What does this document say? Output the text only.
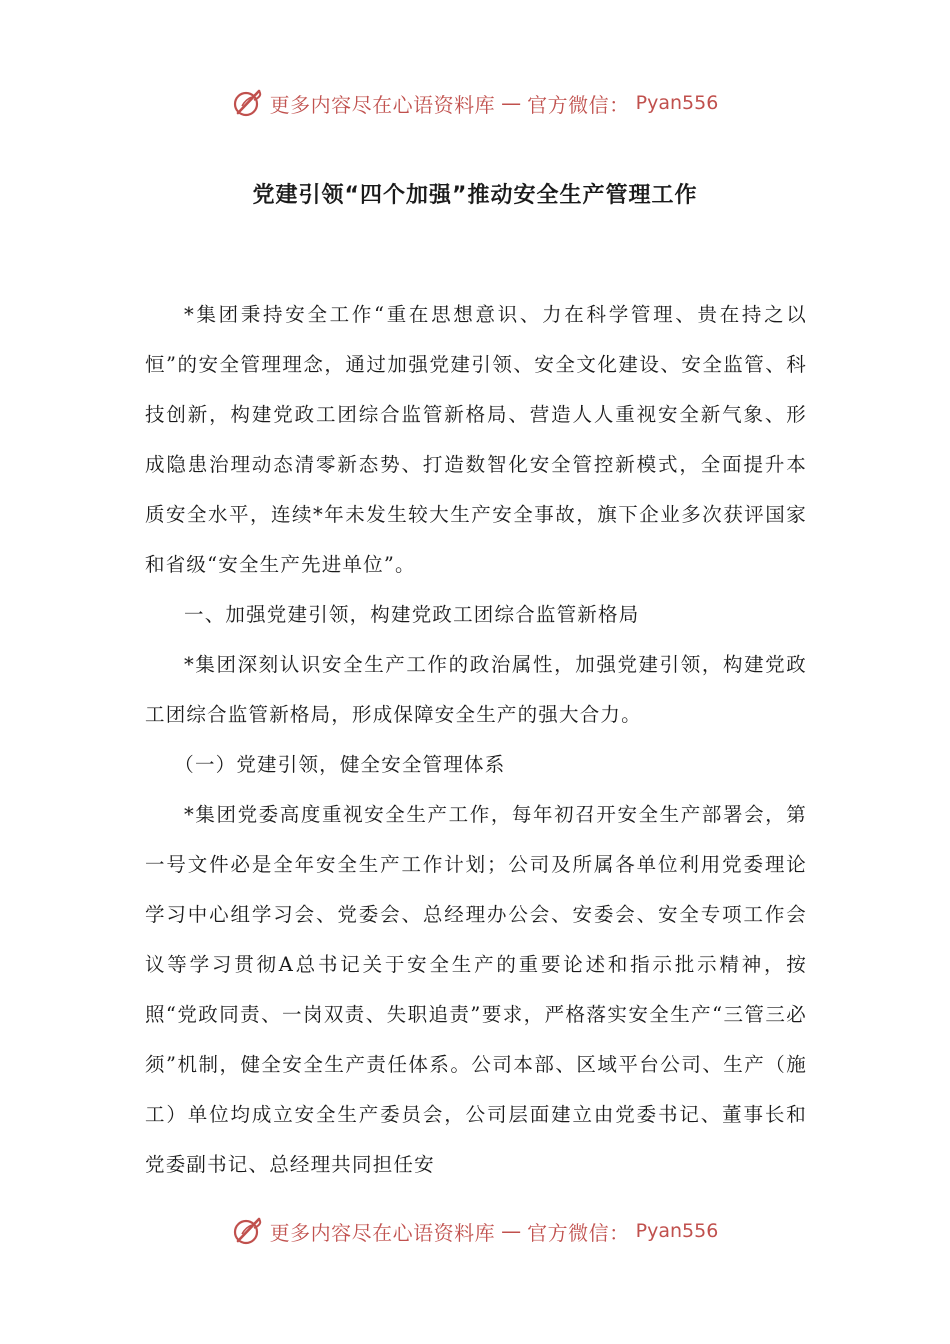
更多内容尽在心语资料库 — 官方微信： Pyan556
党建引领“四个加强”推动安全生产管理工作

*集团秉持安全工作“重在思想意识、力在科学管理、贵在持之以恒”的安全管理理念，通过加强党建引领、安全文化建设、安全监管、科技创新，构建党政工团综合监管新格局、营造人人重视安全新气象、形成隐患治理动态清零新态势、打造数智化安全管控新模式，全面提升本质安全水平，连续*年未发生较大生产安全事故，旗下企业多次获评国家和省级“安全生产先进单位”。

一、加强党建引领，构建党政工团综合监管新格局

*集团深刻认识安全生产工作的政治属性，加强党建引领，构建党政工团综合监管新格局，形成保障安全生产的强大合力。

（一）党建引领，健全安全管理体系

*集团党委高度重视安全生产工作，每年初召开安全生产部署会，第一号文件必是全年安全生产工作计划；公司及所属各单位利用党委理论学习中心组学习会、党委会、总经理办公会、安委会、安全专项工作会议等学习贯彻A总书记关于安全生产的重要论述和指示批示精神，按照“党政同责、一岗双责、失职追责”要求，严格落实安全生产“三管三必须”机制，健全安全生产责任体系。公司本部、区域平台公司、生产（施工）单位均成立安全生产委员会，公司层面建立由党委书记、董事长和党委副书记、总经理共同担任安

更多内容尽在心语资料库 — 官方微信： Pyan556
